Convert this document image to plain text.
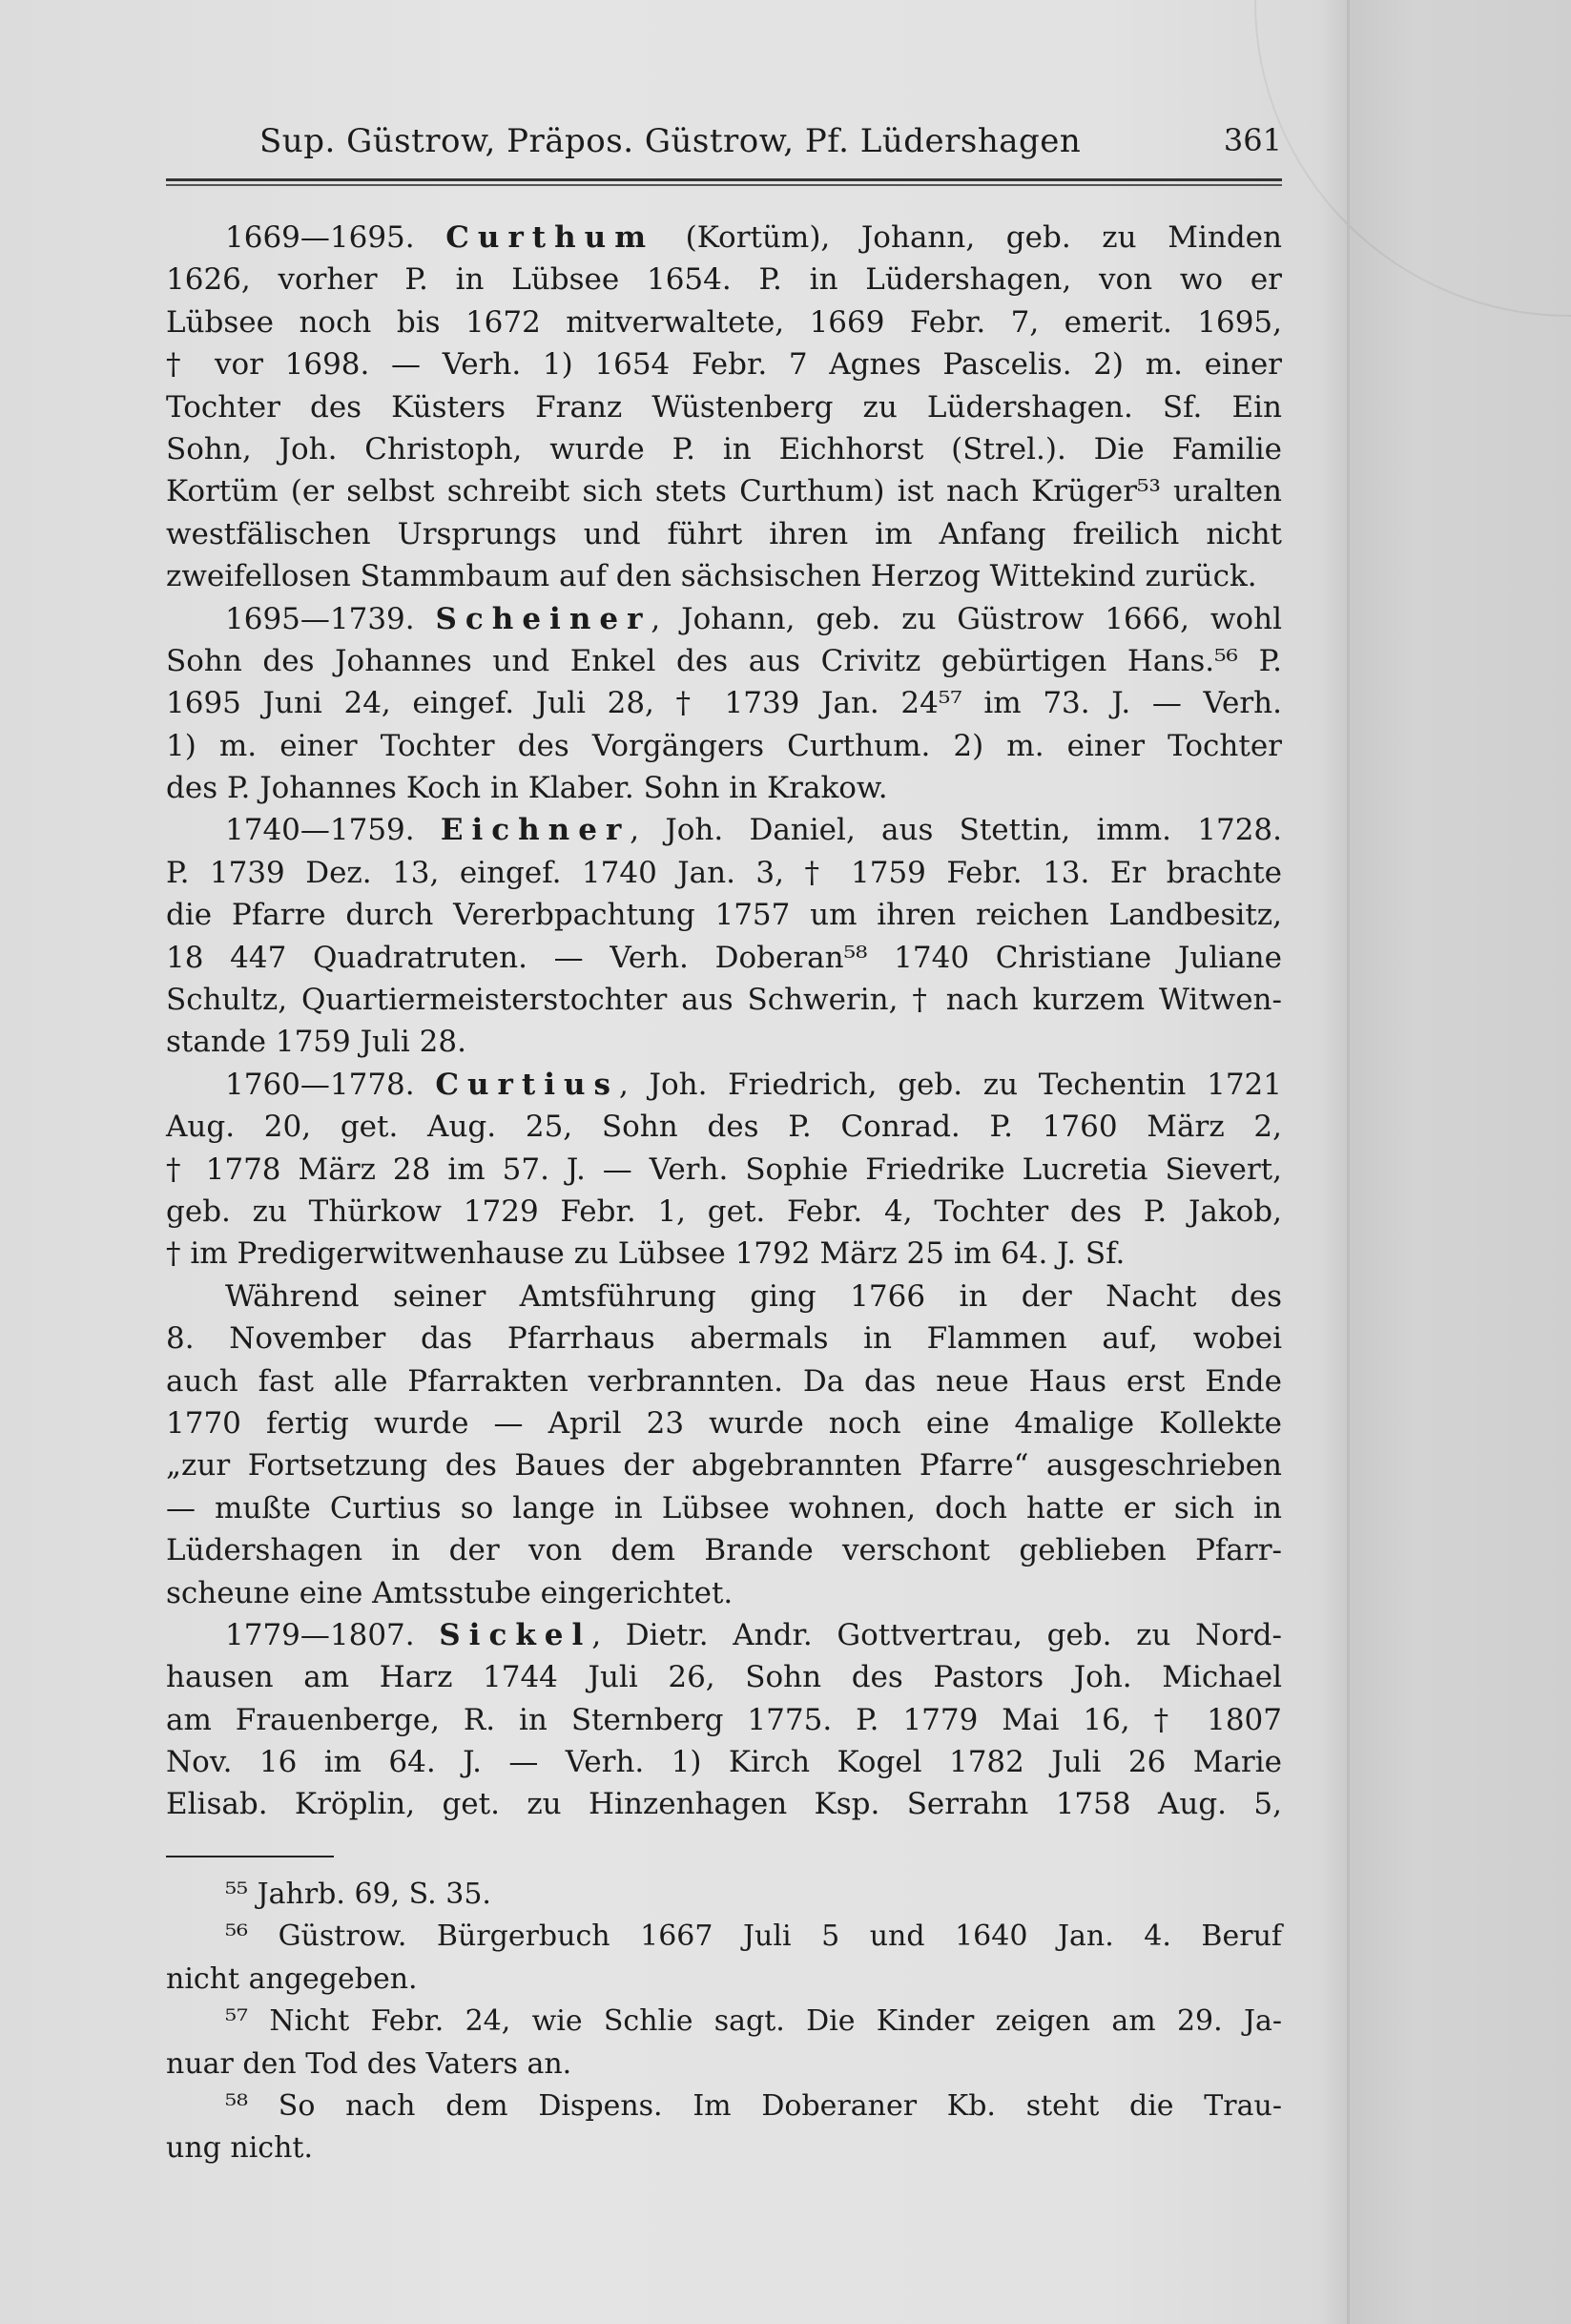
Sup. Güstrow, Präpos. Güstrow, Pf. Lüdershagen	361
1669—1695. Curthum (Kortüm), Johann, geb. zu Minden
1626, vorher P. in Lübsee 1654. P. in Lüdershagen, von wo er
Lübsee noch bis 1672 mitverwaltete, 1669 Febr. 7, emerit. 1695,
† vor 1698. — Verh. 1) 1654 Febr. 7 Agnes Pascelis. 2) m. einer
Tochter des Küsters Franz Wüstenberg zu Lüdershagen. Sf. Ein
Sohn, Joh. Christoph, wurde P. in Eichhorst (Strel.). Die Familie
Kortüm (er selbst schreibt sich stets Curthum) ist nach Krüger⁵³ uralten
westfälischen Ursprungs und führt ihren im Anfang freilich nicht
zweifellosen Stammbaum auf den sächsischen Herzog Wittekind zurück.
1695—1739. Scheiner, Johann, geb. zu Güstrow 1666, wohl
Sohn des Johannes und Enkel des aus Crivitz gebürtigen Hans.⁵⁶ P.
1695 Juni 24, eingef. Juli 28, † 1739 Jan. 24⁵⁷ im 73. J. — Verh.
1) m. einer Tochter des Vorgängers Curthum. 2) m. einer Tochter
des P. Johannes Koch in Klaber. Sohn in Krakow.
1740—1759. Eichner, Joh. Daniel, aus Stettin, imm. 1728.
P. 1739 Dez. 13, eingef. 1740 Jan. 3, † 1759 Febr. 13. Er brachte
die Pfarre durch Vererbpachtung 1757 um ihren reichen Landbesitz,
18 447 Quadratruten. — Verh. Doberan⁵⁸ 1740 Christiane Juliane
Schultz, Quartiermeisterstochter aus Schwerin, † nach kurzem Witwen-
stande 1759 Juli 28.
1760—1778. Curtius, Joh. Friedrich, geb. zu Techentin 1721
Aug. 20, get. Aug. 25, Sohn des P. Conrad. P. 1760 März 2,
† 1778 März 28 im 57. J. — Verh. Sophie Friedrike Lucretia Sievert,
geb. zu Thürkow 1729 Febr. 1, get. Febr. 4, Tochter des P. Jakob,
† im Predigerwitwenhause zu Lübsee 1792 März 25 im 64. J. Sf.
Während seiner Amtsführung ging 1766 in der Nacht des
8. November das Pfarrhaus abermals in Flammen auf, wobei
auch fast alle Pfarrakten verbrannten. Da das neue Haus erst Ende
1770 fertig wurde — April 23 wurde noch eine 4malige Kollekte
„zur Fortsetzung des Baues der abgebrannten Pfarre“ ausgeschrieben
— mußte Curtius so lange in Lübsee wohnen, doch hatte er sich in
Lüdershagen in der von dem Brande verschont geblieben Pfarr-
scheune eine Amtsstube eingerichtet.
1779—1807. Sickel, Dietr. Andr. Gottvertrau, geb. zu Nord-
hausen am Harz 1744 Juli 26, Sohn des Pastors Joh. Michael
am Frauenberge, R. in Sternberg 1775. P. 1779 Mai 16, † 1807
Nov. 16 im 64. J. — Verh. 1) Kirch Kogel 1782 Juli 26 Marie
Elisab. Kröplin, get. zu Hinzenhagen Ksp. Serrahn 1758 Aug. 5,
⁵⁵ Jahrb. 69, S. 35.
⁵⁶ Güstrow. Bürgerbuch 1667 Juli 5 und 1640 Jan. 4. Beruf
nicht angegeben.
⁵⁷ Nicht Febr. 24, wie Schlie sagt. Die Kinder zeigen am 29. Ja-
nuar den Tod des Vaters an.
⁵⁸ So nach dem Dispens. Im Doberaner Kb. steht die Trau-
ung nicht.
